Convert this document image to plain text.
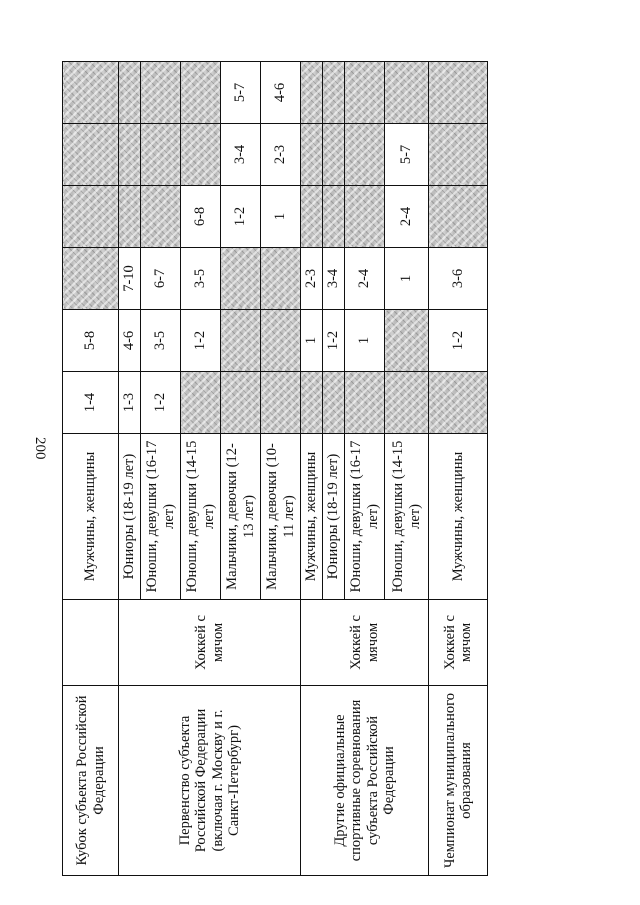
200
Кубок субъекта Российской Федерации		Мужчины, женщины	1-4	5-8				
Первенство субъекта Российской Федерации (включая г. Москву и г. Санкт-Петербург)	Хоккей с мячом	Юниоры (18-19 лет)	1-3	4-6	7-10			
		Юноши, девушки (16-17 лет)	1-2	3-5	6-7			
		Юноши, девушки (14-15 лет)		1-2	3-5	6-8		
		Мальчики, девочки (12-13 лет)				1-2	3-4	5-7
		Мальчики, девочки (10-11 лет)				1	2-3	4-6
Другие официальные спортивные соревнования субъекта Российской Федерации	Хоккей с мячом	Мужчины, женщины		1	2-3			
		Юниоры (18-19 лет)		1-2	3-4			
		Юноши, девушки (16-17 лет)		1	2-4			
		Юноши, девушки (14-15 лет)			1	2-4	5-7	
Чемпионат муниципального образования	Хоккей с мячом	Мужчины, женщины		1-2	3-6			
